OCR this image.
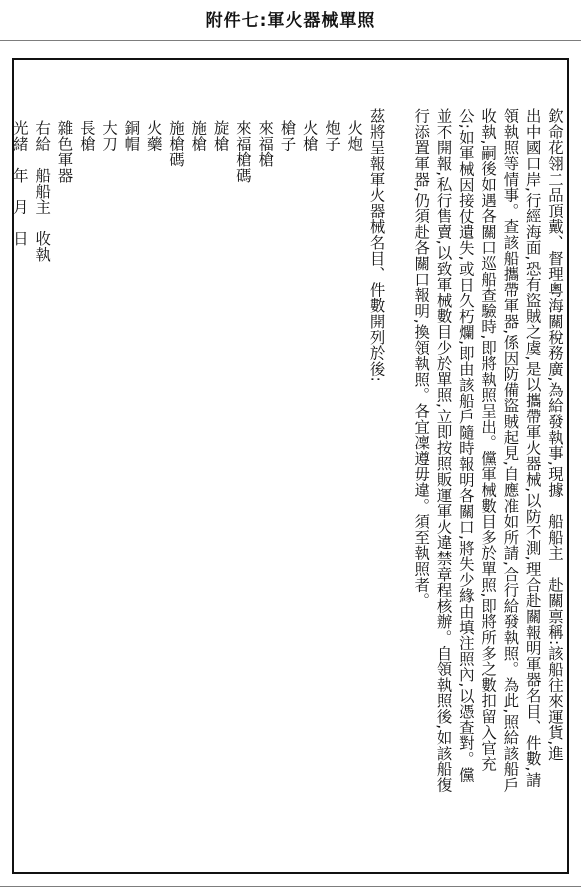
附件七:軍火器械單照
欽命花翎二品頂戴、督理粵海關稅務廣,為給發執事,現據　船船主　赴關禀稱:該船往來運貨,進
出中國口岸,行經海面,恐有盜賊之虞,是以攜帶軍火器械,以防不測,理合赴關報明軍器名目、件數,請
領執照等情事。查該船攜帶軍器,係因防備盜賊起見,自應准如所請,合行給發執照。為此,照給該船戶
收執,嗣後如遇各關口巡船查驗時,即將執照呈出。儻軍械數目多於單照,即將所多之數扣留入官充
公;如軍械因接仗遺失,或日久朽爛,即由該船戶隨時報明各關口,將失少緣由填注照內,以憑查對。儻
並不開報,私行售賣,以致軍械數目少於單照,立即按照販運軍火違禁章程核辦。自領執照後,如該船復
行添置軍器,仍須赴各關口報明,換領執照。各宜凜遵毋違。須至執照者。

茲將呈報軍火器械名目、件數開列於後:
火炮
炮子
火槍
槍子
來福槍
來福槍碼
旋槍
施槍
施槍碼
火藥
銅帽
大刀
長槍
雜色軍器
右給　船船主　收執
光緒　年　月　日
